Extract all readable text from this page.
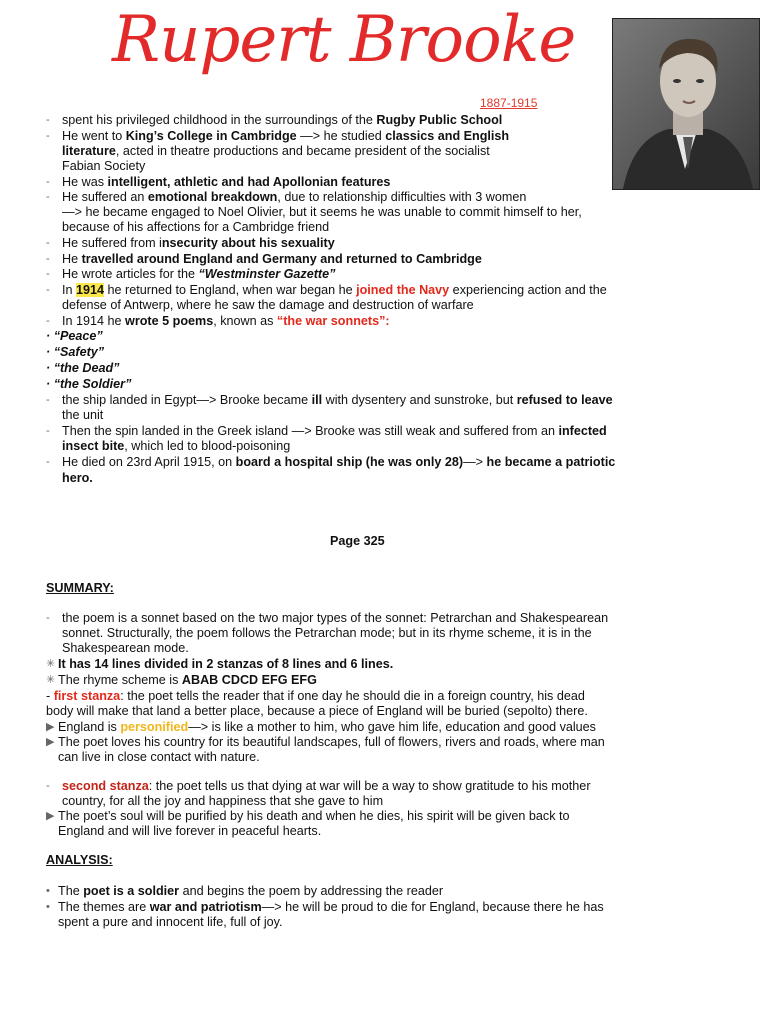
Rupert Brooke
1887-1915
- spent his privileged childhood in the surroundings of the Rugby Public School
- He went to King’s College in Cambridge —> he studied classics and English
literature, acted in theatre productions and became president of the socialist
Fabian Society
- He was intelligent, athletic and had Apollonian features
- He suffered an emotional breakdown, due to relationship difficulties with 3 women
—> he became engaged to Noel Olivier, but it seems he was unable to commit himself to her,
because of his affections for a Cambridge friend
- He suffered from insecurity about his sexuality
- He travelled around England and Germany and returned to Cambridge
- He wrote articles for the “Westminster Gazette”
- In 1914 he returned to England, when war began he joined the Navy experiencing action and the
defense of Antwerp, where he saw the damage and destruction of warfare
- In 1914 he wrote 5 poems, known as “the war sonnets”:
· “Peace”
· “Safety”
· “the Dead”
· “the Soldier”
- the ship landed in Egypt—> Brooke became ill with dysentery and sunstroke, but refused to leave
the unit
- Then the spin landed in the Greek island —> Brooke was still weak and suffered from an infected
insect bite, which led to blood-poisoning
- He died on 23rd April 1915, on board a hospital ship (he was only 28)—> he became a patriotic
hero.
Page 325
SUMMARY:
- the poem is a sonnet based on the two major types of the sonnet: Petrarchan and Shakespearean
sonnet. Structurally, the poem follows the Petrarchan mode; but in its rhyme scheme, it is in the
Shakespearean mode.
✳ It has 14 lines divided in 2 stanzas of 8 lines and 6 lines.
✳ The rhyme scheme is ABAB CDCD EFG EFG
- first stanza: the poet tells the reader that if one day he should die in a foreign country, his dead
body will make that land a better place, because a piece of England will be buried (sepolto) there.
▶ England is personified—> is like a mother to him, who gave him life, education and good values
▶ The poet loves his country for its beautiful landscapes, full of flowers, rivers and roads, where man
can live in close contact with nature.
- second stanza: the poet tells us that dying at war will be a way to show gratitude to his mother
country, for all the joy and happiness that she gave to him
▶ The poet’s soul will be purified by his death and when he dies, his spirit will be given back to
England and will live forever in peaceful hearts.
ANALYSIS:
• The poet is a soldier and begins the poem by addressing the reader
• The themes are war and patriotism—> he will be proud to die for England, because there he has
spent a pure and innocent life, full of joy.
